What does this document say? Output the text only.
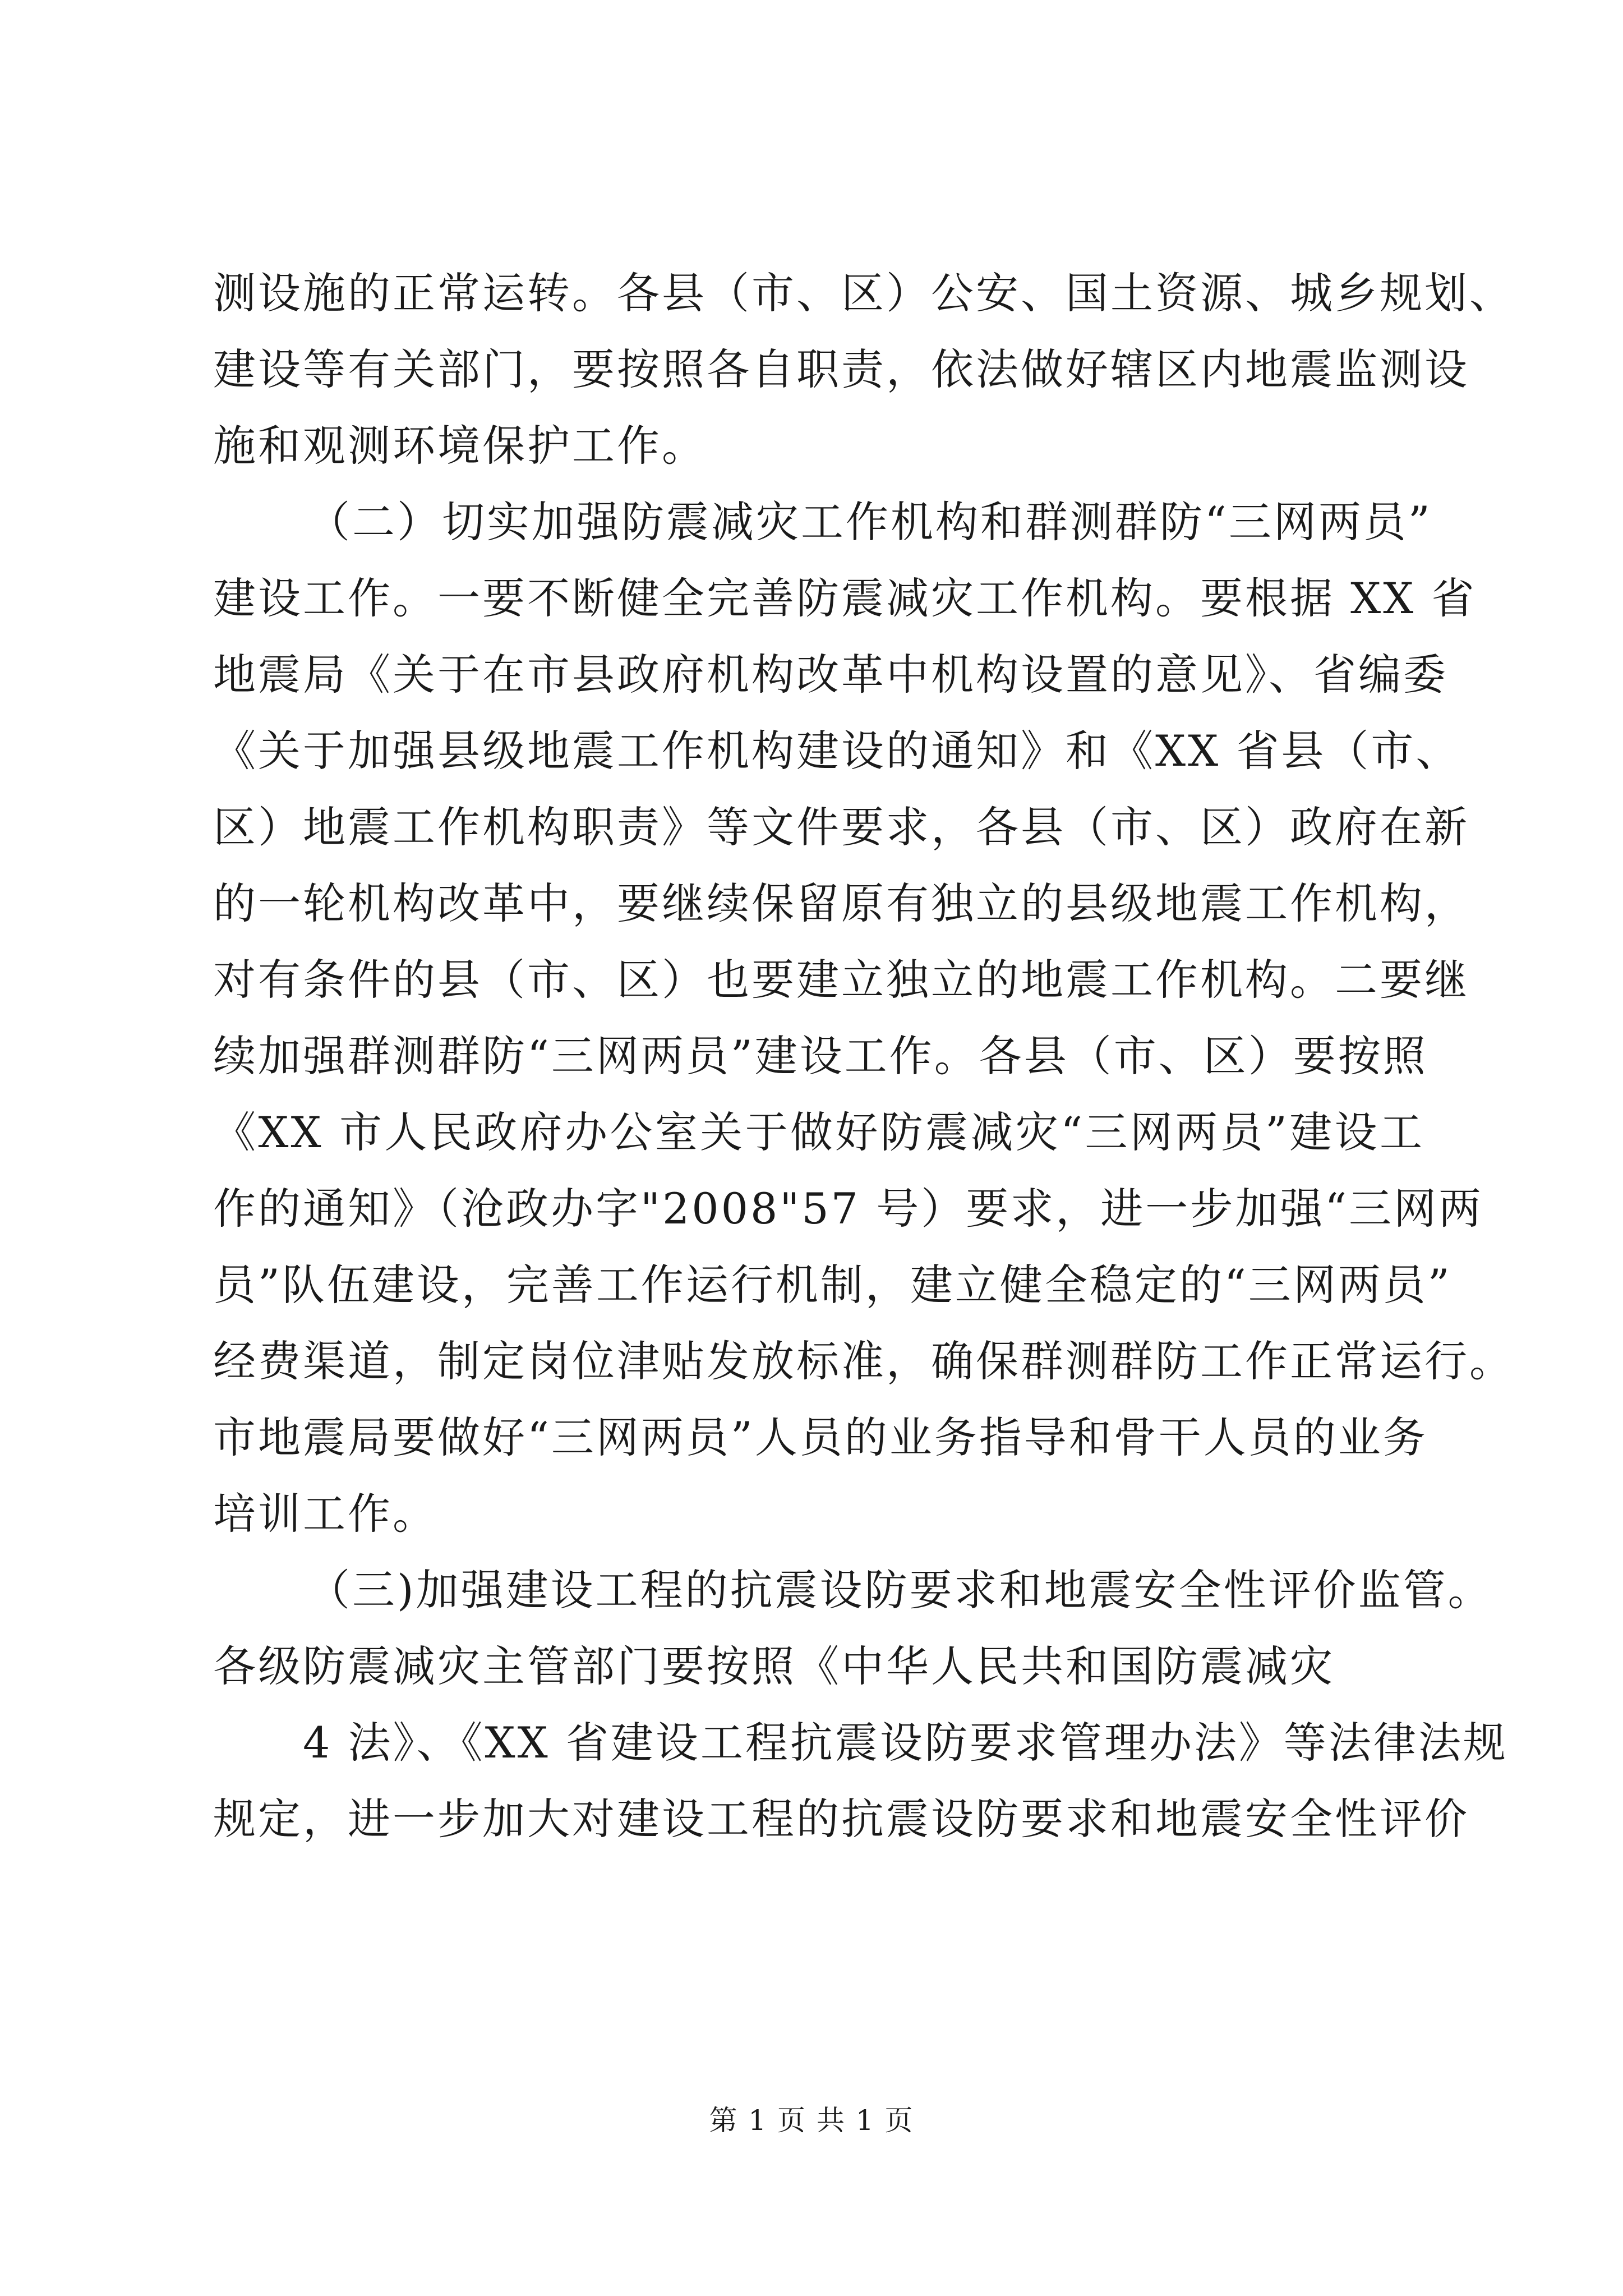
测设施的正常运转。各县（市、区）公安、国土资源、城乡规划、
建设等有关部门，要按照各自职责，依法做好辖区内地震监测设
施和观测环境保护工作。
（二）切实加强防震减灾工作机构和群测群防“三网两员”
建设工作。一要不断健全完善防震减灾工作机构。要根据 XX 省
地震局《关于在市县政府机构改革中机构设置的意见》、省编委
《关于加强县级地震工作机构建设的通知》和《XX 省县（市、
区）地震工作机构职责》等文件要求，各县（市、区）政府在新
的一轮机构改革中，要继续保留原有独立的县级地震工作机构，
对有条件的县（市、区）也要建立独立的地震工作机构。二要继
续加强群测群防“三网两员”建设工作。各县（市、区）要按照
《XX 市人民政府办公室关于做好防震减灾“三网两员”建设工
作的通知》（沧政办字"2008"57 号）要求，进一步加强“三网两
员”队伍建设，完善工作运行机制，建立健全稳定的“三网两员”
经费渠道，制定岗位津贴发放标准，确保群测群防工作正常运行。
市地震局要做好“三网两员”人员的业务指导和骨干人员的业务
培训工作。
（三)加强建设工程的抗震设防要求和地震安全性评价监管。
各级防震减灾主管部门要按照《中华人民共和国防震减灾
4 法》、《XX 省建设工程抗震设防要求管理办法》等法律法规
规定，进一步加大对建设工程的抗震设防要求和地震安全性评价
第 1 页 共 1 页
